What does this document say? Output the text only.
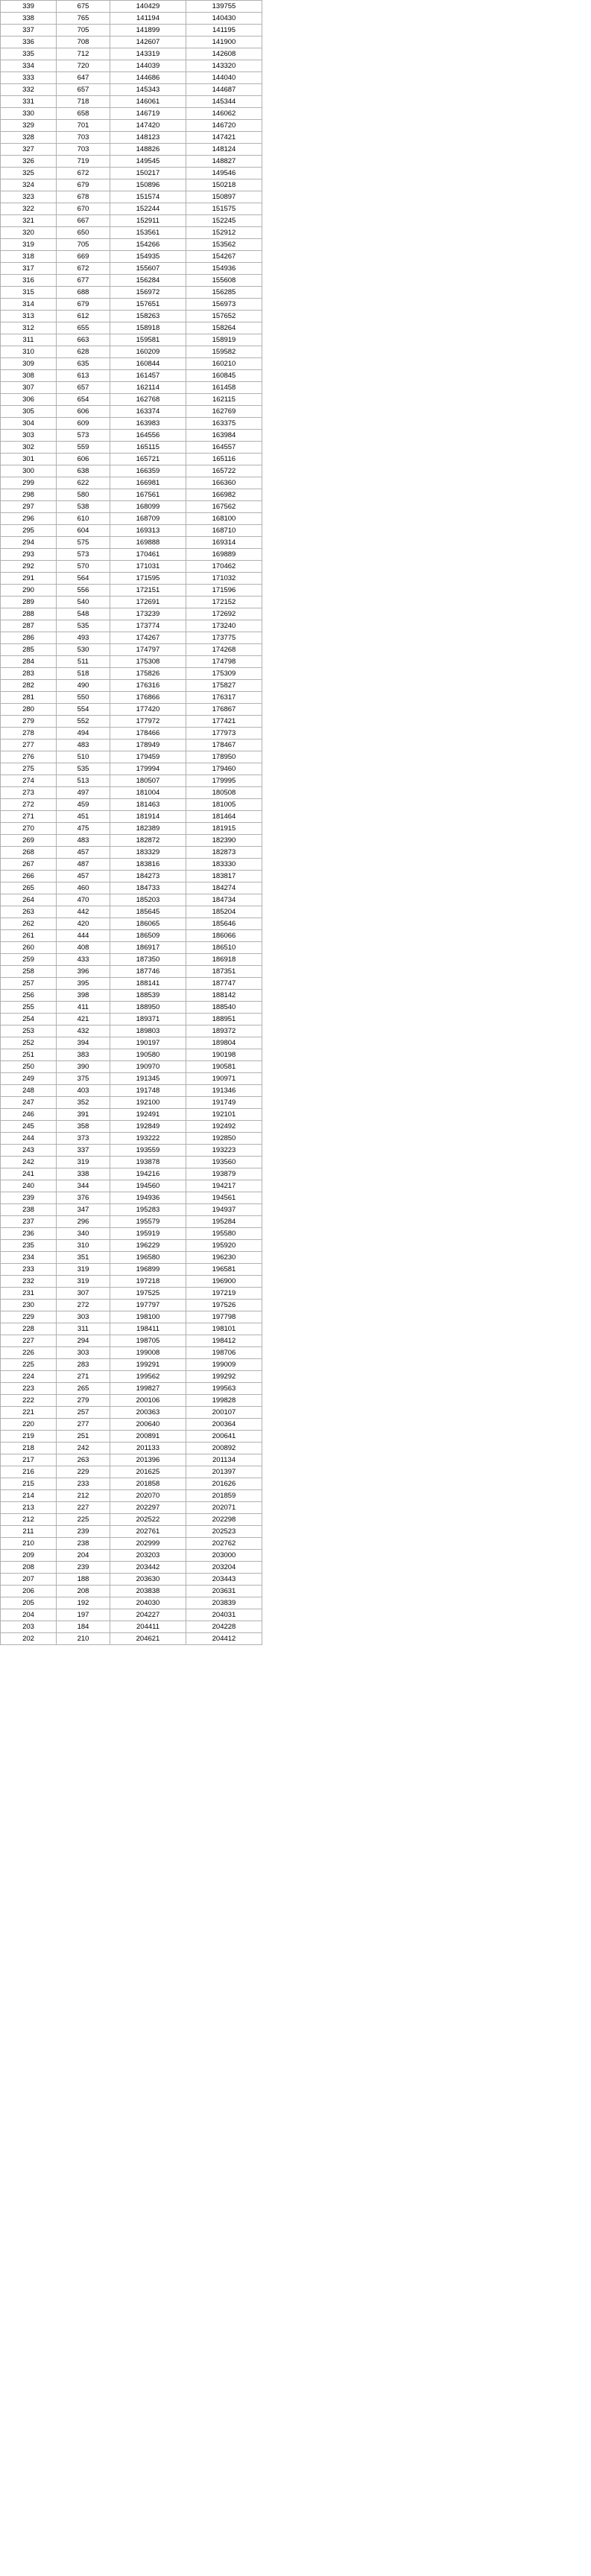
339	675	140429	139755
338	765	141194	140430
337	705	141899	141195
336	708	142607	141900
335	712	143319	142608
334	720	144039	143320
333	647	144686	144040
332	657	145343	144687
331	718	146061	145344
330	658	146719	146062
329	701	147420	146720
328	703	148123	147421
327	703	148826	148124
326	719	149545	148827
325	672	150217	149546
324	679	150896	150218
323	678	151574	150897
322	670	152244	151575
321	667	152911	152245
320	650	153561	152912
319	705	154266	153562
318	669	154935	154267
317	672	155607	154936
316	677	156284	155608
315	688	156972	156285
314	679	157651	156973
313	612	158263	157652
312	655	158918	158264
311	663	159581	158919
310	628	160209	159582
309	635	160844	160210
308	613	161457	160845
307	657	162114	161458
306	654	162768	162115
305	606	163374	162769
304	609	163983	163375
303	573	164556	163984
302	559	165115	164557
301	606	165721	165116
300	638	166359	165722
299	622	166981	166360
298	580	167561	166982
297	538	168099	167562
296	610	168709	168100
295	604	169313	168710
294	575	169888	169314
293	573	170461	169889
292	570	171031	170462
291	564	171595	171032
290	556	172151	171596
289	540	172691	172152
288	548	173239	172692
287	535	173774	173240
286	493	174267	173775
285	530	174797	174268
284	511	175308	174798
283	518	175826	175309
282	490	176316	175827
281	550	176866	176317
280	554	177420	176867
279	552	177972	177421
278	494	178466	177973
277	483	178949	178467
276	510	179459	178950
275	535	179994	179460
274	513	180507	179995
273	497	181004	180508
272	459	181463	181005
271	451	181914	181464
270	475	182389	181915
269	483	182872	182390
268	457	183329	182873
267	487	183816	183330
266	457	184273	183817
265	460	184733	184274
264	470	185203	184734
263	442	185645	185204
262	420	186065	185646
261	444	186509	186066
260	408	186917	186510
259	433	187350	186918
258	396	187746	187351
257	395	188141	187747
256	398	188539	188142
255	411	188950	188540
254	421	189371	188951
253	432	189803	189372
252	394	190197	189804
251	383	190580	190198
250	390	190970	190581
249	375	191345	190971
248	403	191748	191346
247	352	192100	191749
246	391	192491	192101
245	358	192849	192492
244	373	193222	192850
243	337	193559	193223
242	319	193878	193560
241	338	194216	193879
240	344	194560	194217
239	376	194936	194561
238	347	195283	194937
237	296	195579	195284
236	340	195919	195580
235	310	196229	195920
234	351	196580	196230
233	319	196899	196581
232	319	197218	196900
231	307	197525	197219
230	272	197797	197526
229	303	198100	197798
228	311	198411	198101
227	294	198705	198412
226	303	199008	198706
225	283	199291	199009
224	271	199562	199292
223	265	199827	199563
222	279	200106	199828
221	257	200363	200107
220	277	200640	200364
219	251	200891	200641
218	242	201133	200892
217	263	201396	201134
216	229	201625	201397
215	233	201858	201626
214	212	202070	201859
213	227	202297	202071
212	225	202522	202298
211	239	202761	202523
210	238	202999	202762
209	204	203203	203000
208	239	203442	203204
207	188	203630	203443
206	208	203838	203631
205	192	204030	203839
204	197	204227	204031
203	184	204411	204228
202	210	204621	204412
